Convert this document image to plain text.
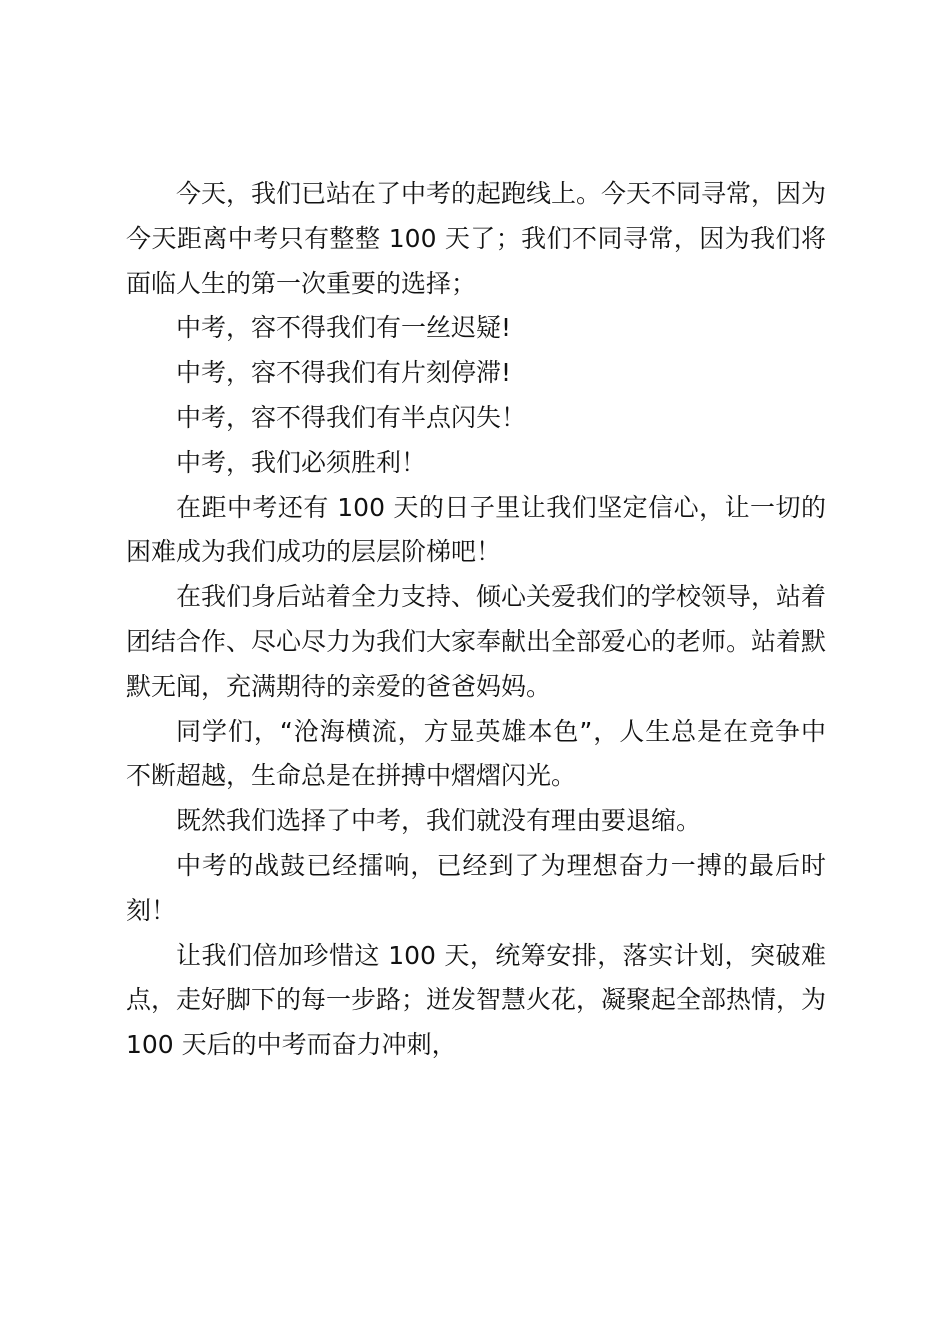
今天，我们已站在了中考的起跑线上。今天不同寻常，因为今天距离中考只有整整 100 天了；我们不同寻常，因为我们将面临人生的第一次重要的选择；

中考，容不得我们有一丝迟疑!

中考，容不得我们有片刻停滞!

中考，容不得我们有半点闪失！

中考，我们必须胜利！

在距中考还有 100 天的日子里让我们坚定信心，让一切的困难成为我们成功的层层阶梯吧！

在我们身后站着全力支持、倾心关爱我们的学校领导，站着团结合作、尽心尽力为我们大家奉献出全部爱心的老师。站着默默无闻，充满期待的亲爱的爸爸妈妈。

同学们，“沧海横流，方显英雄本色”，人生总是在竞争中不断超越，生命总是在拼搏中熠熠闪光。

既然我们选择了中考，我们就没有理由要退缩。

中考的战鼓已经擂响，已经到了为理想奋力一搏的最后时刻！

让我们倍加珍惜这 100 天，统筹安排，落实计划，突破难点，走好脚下的每一步路；迸发智慧火花，凝聚起全部热情，为 100 天后的中考而奋力冲刺，
